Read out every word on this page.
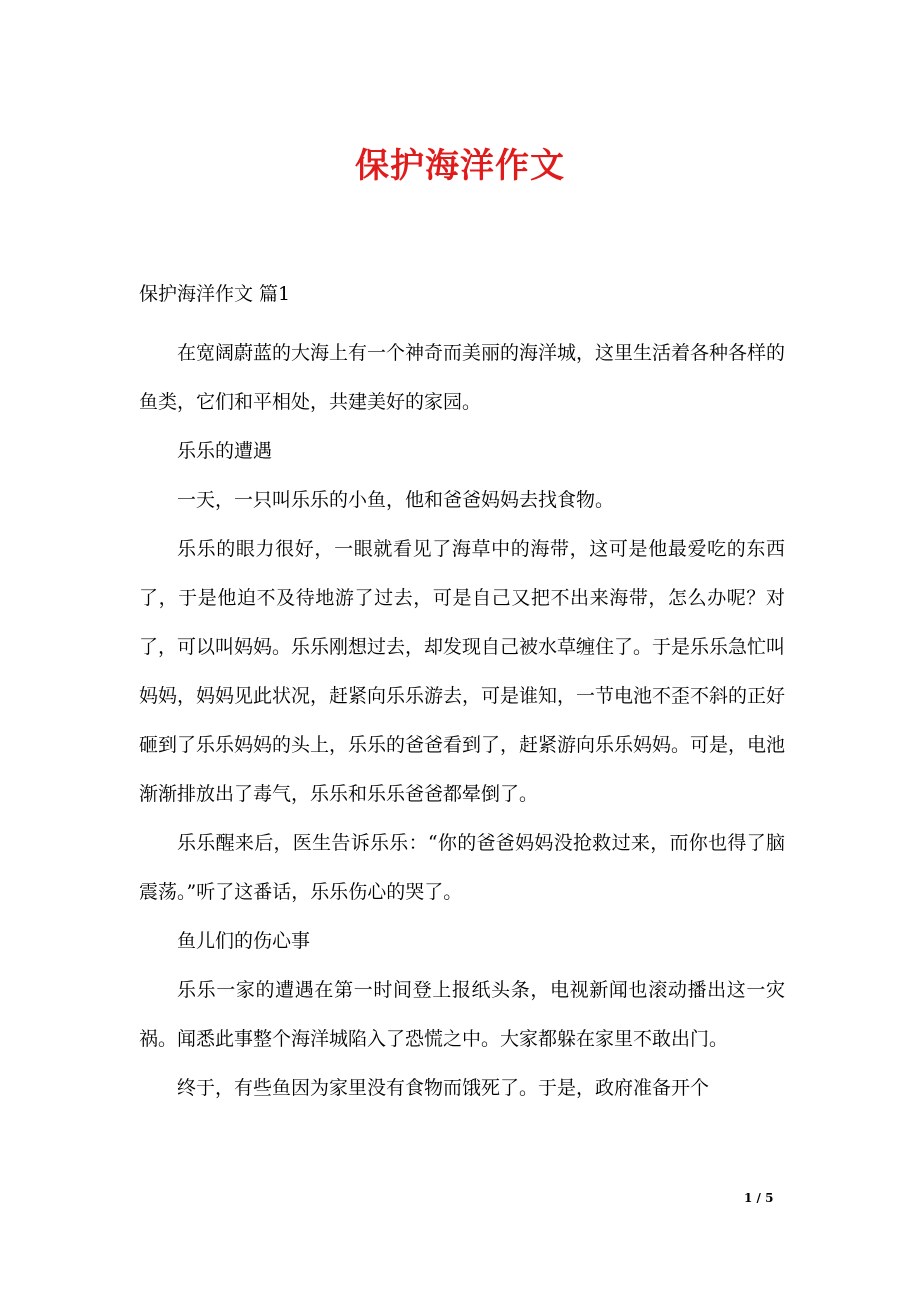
保护海洋作文

保护海洋作文 篇1

在宽阔蔚蓝的大海上有一个神奇而美丽的海洋城，这里生活着各种各样的鱼类，它们和平相处，共建美好的家园。

乐乐的遭遇

一天，一只叫乐乐的小鱼，他和爸爸妈妈去找食物。

乐乐的眼力很好，一眼就看见了海草中的海带，这可是他最爱吃的东西了，于是他迫不及待地游了过去，可是自己又把不出来海带，怎么办呢？对了，可以叫妈妈。乐乐刚想过去，却发现自己被水草缠住了。于是乐乐急忙叫妈妈，妈妈见此状况，赶紧向乐乐游去，可是谁知，一节电池不歪不斜的正好砸到了乐乐妈妈的头上，乐乐的爸爸看到了，赶紧游向乐乐妈妈。可是，电池渐渐排放出了毒气，乐乐和乐乐爸爸都晕倒了。

乐乐醒来后，医生告诉乐乐：“你的爸爸妈妈没抢救过来，而你也得了脑震荡。”听了这番话，乐乐伤心的哭了。

鱼儿们的伤心事

乐乐一家的遭遇在第一时间登上报纸头条，电视新闻也滚动播出这一灾祸。闻悉此事整个海洋城陷入了恐慌之中。大家都躲在家里不敢出门。

终于，有些鱼因为家里没有食物而饿死了。于是，政府准备开个

1 / 5
